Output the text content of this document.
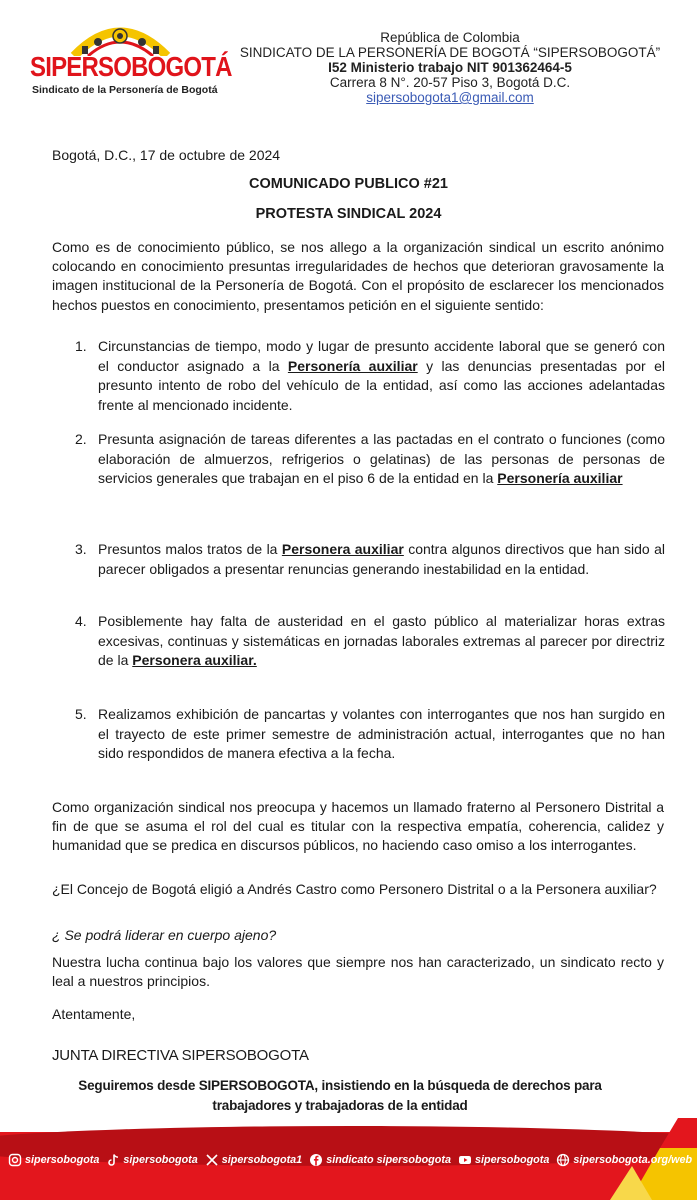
SIPERSOBOGOTÁ
Sindicato de la Personería de Bogotá
República de Colombia
SINDICATO DE LA PERSONERÍA DE BOGOTÁ “SIPERSOBOGOTÁ”
I52 Ministerio trabajo NIT 901362464-5
Carrera 8 N°. 20-57 Piso 3, Bogotá D.C.
sipersobogota1@gmail.com
Bogotá, D.C., 17 de octubre de 2024
COMUNICADO PUBLICO #21
PROTESTA SINDICAL 2024
Como es de conocimiento público, se nos allego a la organización sindical un escrito anónimo colocando en conocimiento presuntas irregularidades de hechos que deterioran gravosamente la imagen institucional de la Personería de Bogotá. Con el propósito de esclarecer los mencionados hechos puestos en conocimiento, presentamos petición en el siguiente sentido:
1. Circunstancias de tiempo, modo y lugar de presunto accidente laboral que se generó con el conductor asignado a la Personería auxiliar y las denuncias presentadas por el presunto intento de robo del vehículo de la entidad, así como las acciones adelantadas frente al mencionado incidente.
2. Presunta asignación de tareas diferentes a las pactadas en el contrato o funciones (como elaboración de almuerzos, refrigerios o gelatinas) de las personas de personas de servicios generales que trabajan en el piso 6 de la entidad en la Personería auxiliar
3. Presuntos malos tratos de la Personera auxiliar contra algunos directivos que han sido al parecer obligados a presentar renuncias generando inestabilidad en la entidad.
4. Posiblemente hay falta de austeridad en el gasto público al materializar horas extras excesivas, continuas y sistemáticas en jornadas laborales extremas al parecer por directriz de la Personera auxiliar.
5. Realizamos exhibición de pancartas y volantes con interrogantes que nos han surgido en el trayecto de este primer semestre de administración actual, interrogantes que no han sido respondidos de manera efectiva a la fecha.
Como organización sindical nos preocupa y hacemos un llamado fraterno al Personero Distrital a fin de que se asuma el rol del cual es titular con la respectiva empatía, coherencia, calidez y humanidad que se predica en discursos públicos, no haciendo caso omiso a los interrogantes.
¿El Concejo de Bogotá eligió a Andrés Castro como Personero Distrital o a la Personera auxiliar?
¿ Se podrá liderar en cuerpo ajeno?
Nuestra lucha continua bajo los valores que siempre nos han caracterizado, un sindicato recto y leal a nuestros principios.
Atentamente,
JUNTA DIRECTIVA SIPERSOBOGOTA
Seguiremos desde SIPERSOBOGOTA, insistiendo en la búsqueda de derechos para trabajadores y trabajadoras de la entidad
sipersobogota sipersobogota sipersobogota1 sindicato sipersobogota sipersobogota sipersobogota.org/web
